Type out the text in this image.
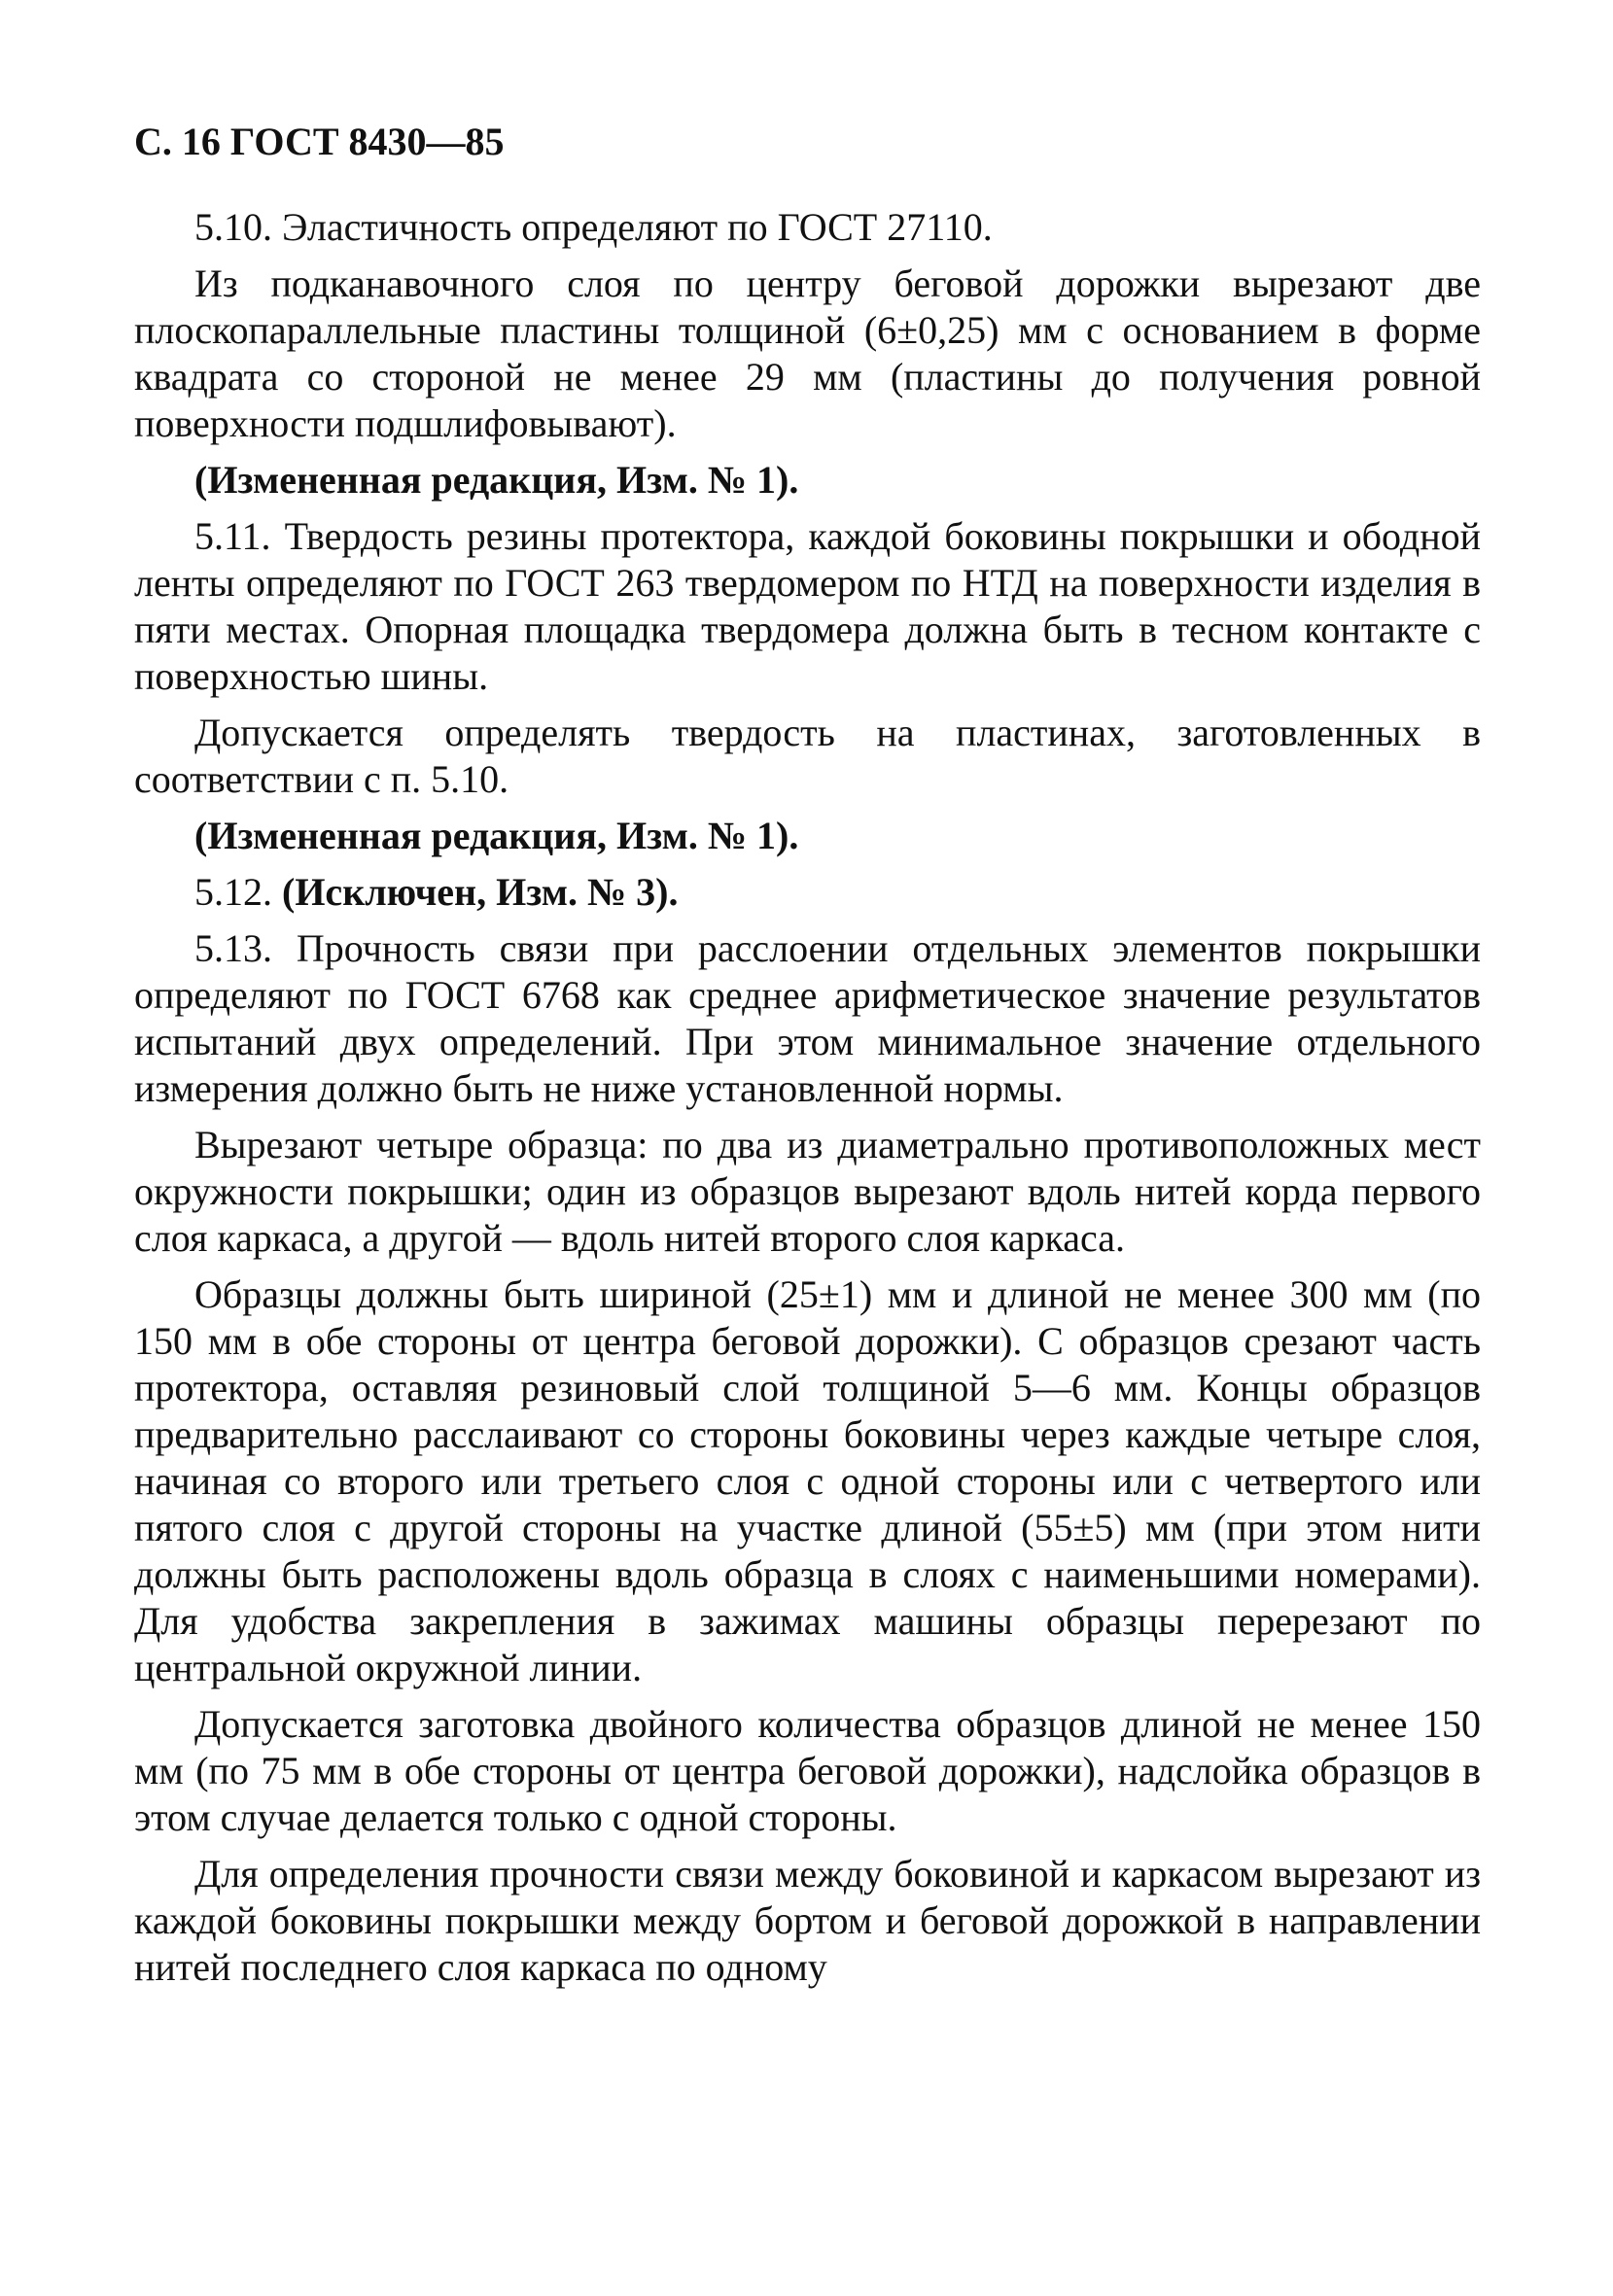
С. 16 ГОСТ 8430—85

5.10. Эластичность определяют по ГОСТ 27110.

Из подканавочного слоя по центру беговой дорожки вырезают две плоскопараллельные пластины толщиной (6±0,25) мм с основанием в форме квадрата со стороной не менее 29 мм (пластины до получения ровной поверхности подшлифовывают).

(Измененная редакция, Изм. № 1).

5.11. Твердость резины протектора, каждой боковины покрышки и ободной ленты определяют по ГОСТ 263 твердомером по НТД на поверхности изделия в пяти местах. Опорная площадка твердомера должна быть в тесном контакте с поверхностью шины.

Допускается определять твердость на пластинах, заготовленных в соответствии с п. 5.10.

(Измененная редакция, Изм. № 1).

5.12. (Исключен, Изм. № 3).

5.13. Прочность связи при расслоении отдельных элементов покрышки определяют по ГОСТ 6768 как среднее арифметическое значение результатов испытаний двух определений. При этом минимальное значение отдельного измерения должно быть не ниже установленной нормы.

Вырезают четыре образца: по два из диаметрально противоположных мест окружности покрышки; один из образцов вырезают вдоль нитей корда первого слоя каркаса, а другой — вдоль нитей второго слоя каркаса.

Образцы должны быть шириной (25±1) мм и длиной не менее 300 мм (по 150 мм в обе стороны от центра беговой дорожки). С образцов срезают часть протектора, оставляя резиновый слой толщиной 5—6 мм. Концы образцов предварительно расслаивают со стороны боковины через каждые четыре слоя, начиная со второго или третьего слоя с одной стороны или с четвертого или пятого слоя с другой стороны на участке длиной (55±5) мм (при этом нити должны быть расположены вдоль образца в слоях с наименьшими номерами). Для удобства закрепления в зажимах машины образцы перерезают по центральной окружной линии.

Допускается заготовка двойного количества образцов длиной не менее 150 мм (по 75 мм в обе стороны от центра беговой дорожки), надслойка образцов в этом случае делается только с одной стороны.

Для определения прочности связи между боковиной и каркасом вырезают из каждой боковины покрышки между бортом и беговой дорожкой в направлении нитей последнего слоя каркаса по одному
